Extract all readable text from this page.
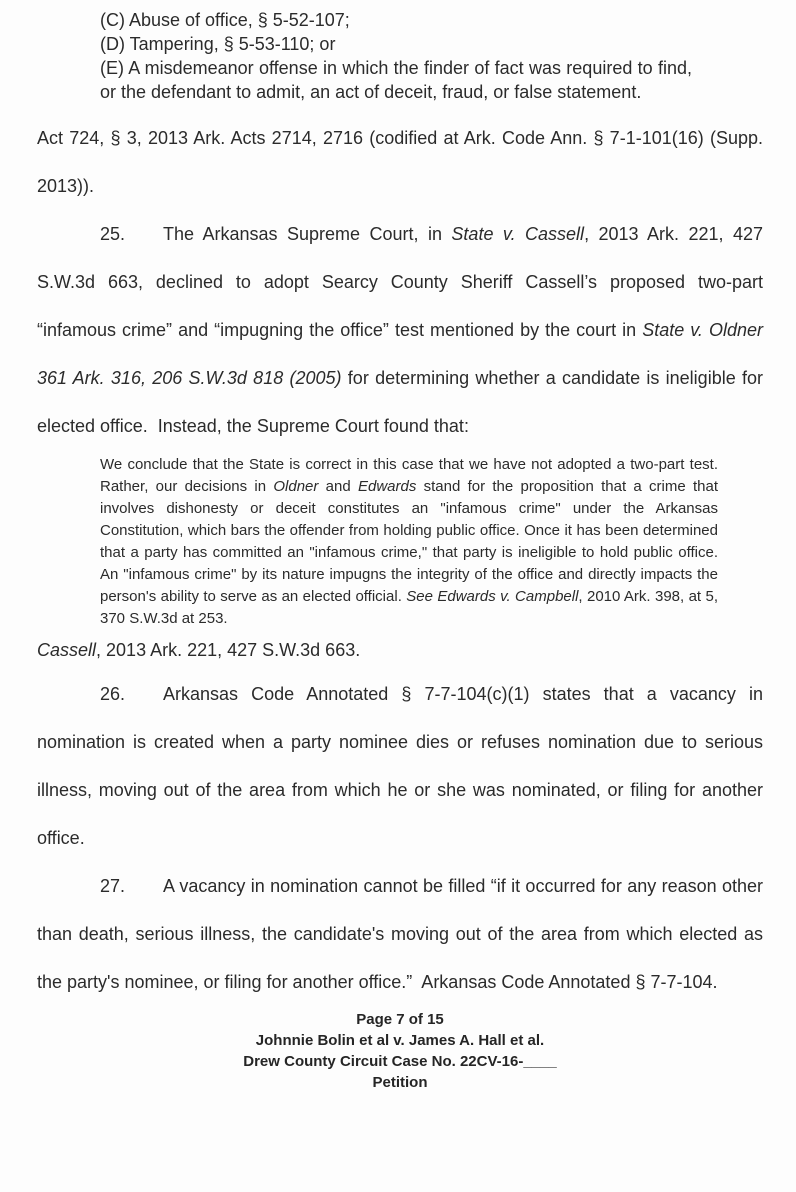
(C) Abuse of office, § 5-52-107;
(D) Tampering, § 5-53-110; or
(E) A misdemeanor offense in which the finder of fact was required to find, or the defendant to admit, an act of deceit, fraud, or false statement.

Act 724, § 3, 2013 Ark. Acts 2714, 2716 (codified at Ark. Code Ann. § 7-1-101(16) (Supp. 2013)).

25. The Arkansas Supreme Court, in State v. Cassell, 2013 Ark. 221, 427 S.W.3d 663, declined to adopt Searcy County Sheriff Cassell’s proposed two-part “infamous crime” and “impugning the office” test mentioned by the court in State v. Oldner 361 Ark. 316, 206 S.W.3d 818 (2005) for determining whether a candidate is ineligible for elected office.  Instead, the Supreme Court found that:

We conclude that the State is correct in this case that we have not adopted a two-part test. Rather, our decisions in Oldner and Edwards stand for the proposition that a crime that involves dishonesty or deceit constitutes an "infamous crime" under the Arkansas Constitution, which bars the offender from holding public office. Once it has been determined that a party has committed an "infamous crime," that party is ineligible to hold public office. An "infamous crime" by its nature impugns the integrity of the office and directly impacts the person's ability to serve as an elected official. See Edwards v. Campbell, 2010 Ark. 398, at 5, 370 S.W.3d at 253.

Cassell, 2013 Ark. 221, 427 S.W.3d 663.

26. Arkansas Code Annotated § 7-7-104(c)(1) states that a vacancy in nomination is created when a party nominee dies or refuses nomination due to serious illness, moving out of the area from which he or she was nominated, or filing for another office.

27. A vacancy in nomination cannot be filled “if it occurred for any reason other than death, serious illness, the candidate's moving out of the area from which elected as the party's nominee, or filing for another office.”  Arkansas Code Annotated § 7-7-104.

Page 7 of 15
Johnnie Bolin et al v. James A. Hall et al.
Drew County Circuit Case No. 22CV-16-____
Petition
